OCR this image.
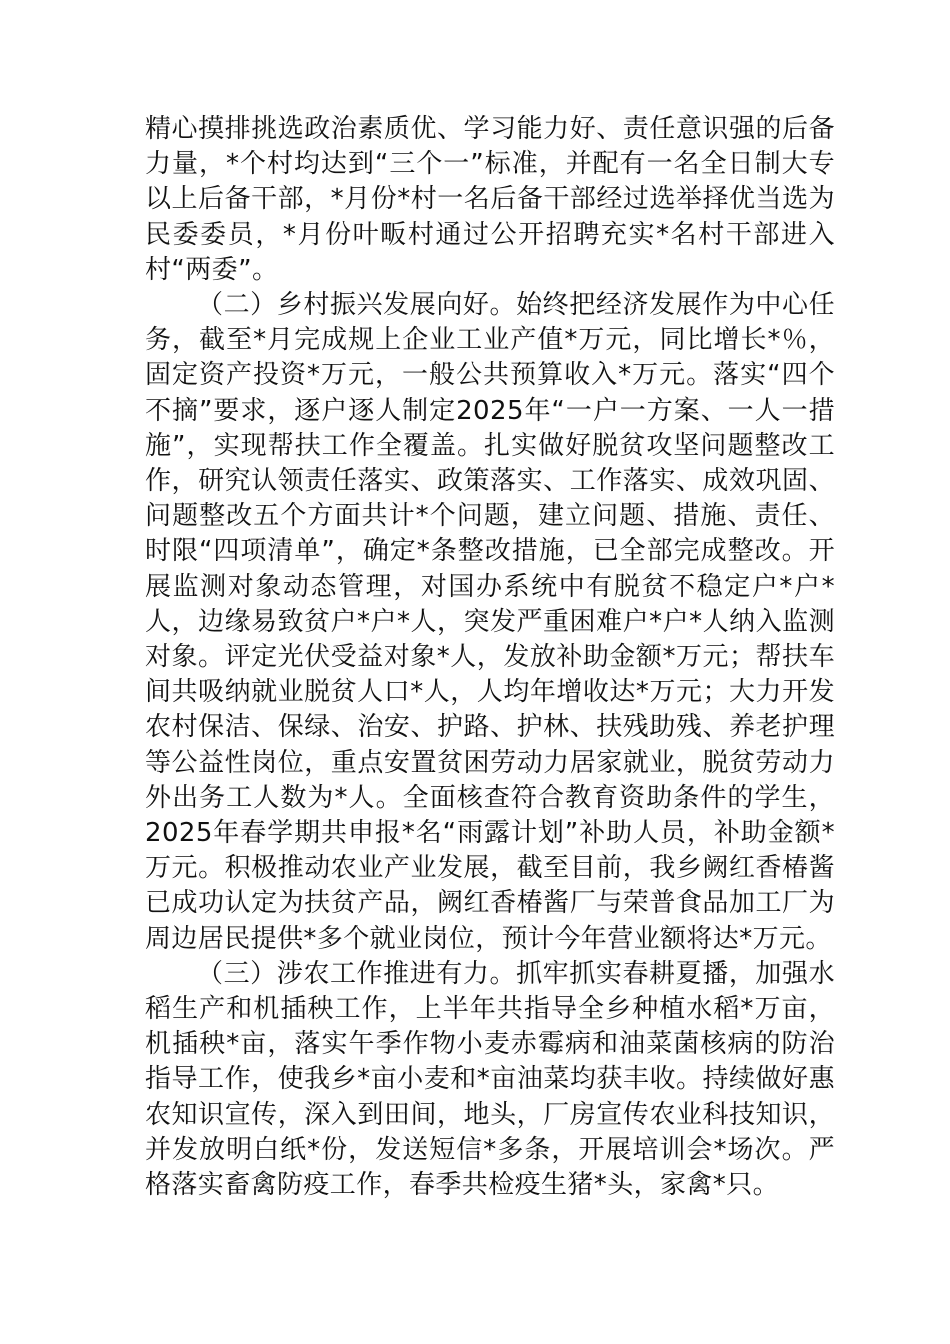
精心摸排挑选政治素质优、学习能力好、责任意识强的后备力量，*个村均达到“三个一”标准，并配有一名全日制大专以上后备干部，*月份*村一名后备干部经过选举择优当选为民委委员，*月份叶畈村通过公开招聘充实*名村干部进入村“两委”。

（二）乡村振兴发展向好。始终把经济发展作为中心任务，截至*月完成规上企业工业产值*万元，同比增长*％，固定资产投资*万元，一般公共预算收入*万元。落实“四个不摘”要求，逐户逐人制定2025年“一户一方案、一人一措施”，实现帮扶工作全覆盖。扎实做好脱贫攻坚问题整改工作，研究认领责任落实、政策落实、工作落实、成效巩固、问题整改五个方面共计*个问题，建立问题、措施、责任、时限“四项清单”，确定*条整改措施，已全部完成整改。开展监测对象动态管理，对国办系统中有脱贫不稳定户*户*人，边缘易致贫户*户*人，突发严重困难户*户*人纳入监测对象。评定光伏受益对象*人，发放补助金额*万元；帮扶车间共吸纳就业脱贫人口*人，人均年增收达*万元；大力开发农村保洁、保绿、治安、护路、护林、扶残助残、养老护理等公益性岗位，重点安置贫困劳动力居家就业，脱贫劳动力外出务工人数为*人。全面核查符合教育资助条件的学生，2025年春学期共申报*名“雨露计划”补助人员，补助金额*万元。积极推动农业产业发展，截至目前，我乡阙红香椿酱已成功认定为扶贫产品，阙红香椿酱厂与荣普食品加工厂为周边居民提供*多个就业岗位，预计今年营业额将达*万元。

（三）涉农工作推进有力。抓牢抓实春耕夏播，加强水稻生产和机插秧工作，上半年共指导全乡种植水稻*万亩，机插秧*亩，落实午季作物小麦赤霉病和油菜菌核病的防治指导工作，使我乡*亩小麦和*亩油菜均获丰收。持续做好惠农知识宣传，深入到田间，地头，厂房宣传农业科技知识，并发放明白纸*份，发送短信*多条，开展培训会*场次。严格落实畜禽防疫工作，春季共检疫生猪*头，家禽*只。
